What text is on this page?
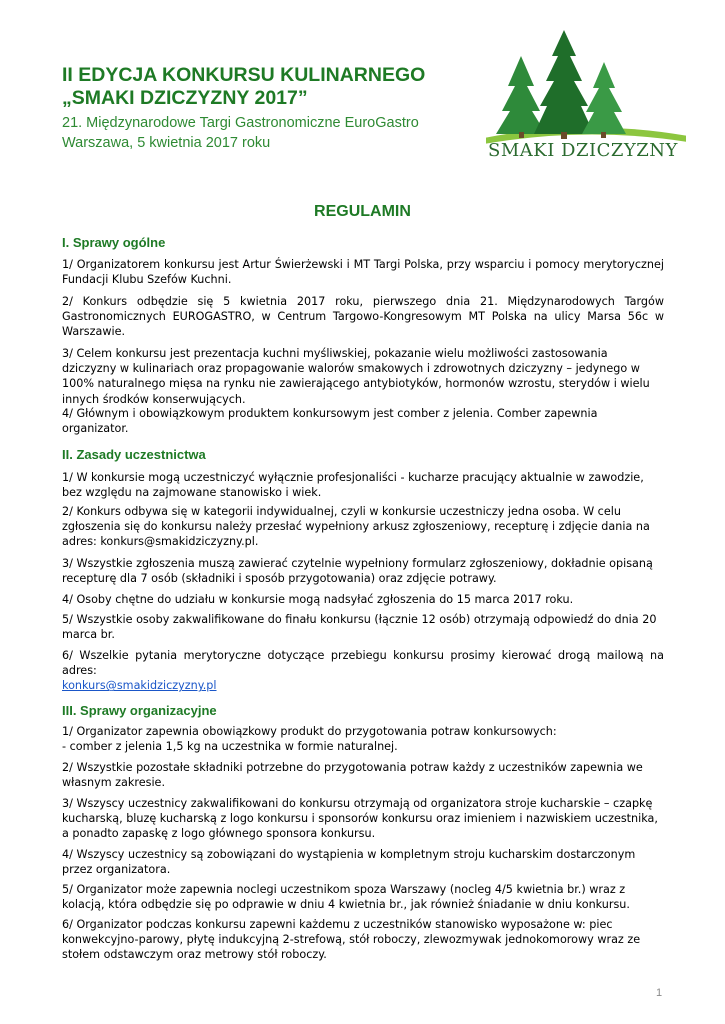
II EDYCJA KONKURSU KULINARNEGO
„SMAKI DZICZYZNY 2017”
21. Międzynarodowe Targi Gastronomiczne EuroGastro
Warszawa, 5 kwietnia 2017 roku	SMAKI DZICZYZNY
REGULAMIN
I. Sprawy ogólne

1/ Organizatorem konkursu jest Artur Świerżewski i MT Targi Polska, przy wsparciu i pomocy merytorycznej Fundacji Klubu Szefów Kuchni.

2/ Konkurs odbędzie się 5 kwietnia 2017 roku, pierwszego dnia 21. Międzynarodowych Targów Gastronomicznych EUROGASTRO, w Centrum Targowo-Kongresowym MT Polska na ulicy Marsa 56c w Warszawie.

3/ Celem konkursu jest prezentacja kuchni myśliwskiej, pokazanie wielu możliwości zastosowania dziczyzny w kulinariach oraz propagowanie walorów smakowych i zdrowotnych dziczyzny – jedynego w 100% naturalnego mięsa na rynku nie zawierającego antybiotyków, hormonów wzrostu, sterydów i wielu innych środków konserwujących.

4/ Głównym i obowiązkowym produktem konkursowym jest comber z jelenia. Comber zapewnia organizator.

II. Zasady uczestnictwa

1/ W konkursie mogą uczestniczyć wyłącznie profesjonaliści - kucharze pracujący aktualnie w zawodzie, bez względu na zajmowane stanowisko i wiek.

2/ Konkurs odbywa się w kategorii indywidualnej, czyli w konkursie uczestniczy jedna osoba. W celu zgłoszenia się do konkursu należy przesłać wypełniony arkusz zgłoszeniowy, recepturę i zdjęcie dania na adres: konkurs@smakidziczyzny.pl.

3/ Wszystkie zgłoszenia muszą zawierać czytelnie wypełniony formularz zgłoszeniowy, dokładnie opisaną recepturę dla 7 osób (składniki i sposób przygotowania) oraz zdjęcie potrawy.

4/ Osoby chętne do udziału w konkursie mogą nadsyłać zgłoszenia do 15 marca 2017 roku.

5/ Wszystkie osoby zakwalifikowane do finału konkursu (łącznie 12 osób) otrzymają odpowiedź do dnia 20 marca br.

6/ Wszelkie pytania merytoryczne dotyczące przebiegu konkursu prosimy kierować drogą mailową na adres:
konkurs@smakidziczyzny.pl
III. Sprawy organizacyjne

1/ Organizator zapewnia obowiązkowy produkt do przygotowania potraw konkursowych:

- comber z jelenia 1,5 kg na uczestnika w formie naturalnej.

2/ Wszystkie pozostałe składniki potrzebne do przygotowania potraw każdy z uczestników zapewnia we własnym zakresie.

3/ Wszyscy uczestnicy zakwalifikowani do konkursu otrzymają od organizatora stroje kucharskie – czapkę kucharską, bluzę kucharską z logo konkursu i sponsorów konkursu oraz imieniem i nazwiskiem uczestnika, a ponadto zapaskę z logo głównego sponsora konkursu.

4/ Wszyscy uczestnicy są zobowiązani do wystąpienia w kompletnym stroju kucharskim dostarczonym przez organizatora.

5/ Organizator może zapewnia noclegi uczestnikom spoza Warszawy (nocleg 4/5 kwietnia br.) wraz z kolacją, która odbędzie się po odprawie w dniu 4 kwietnia br., jak również śniadanie w dniu konkursu.

6/ Organizator podczas konkursu zapewni każdemu z uczestników stanowisko wyposażone w: piec konwekcyjno-parowy, płytę indukcyjną 2-strefową, stół roboczy, zlewozmywak jednokomorowy wraz ze stołem odstawczym oraz metrowy stół roboczy.

1
